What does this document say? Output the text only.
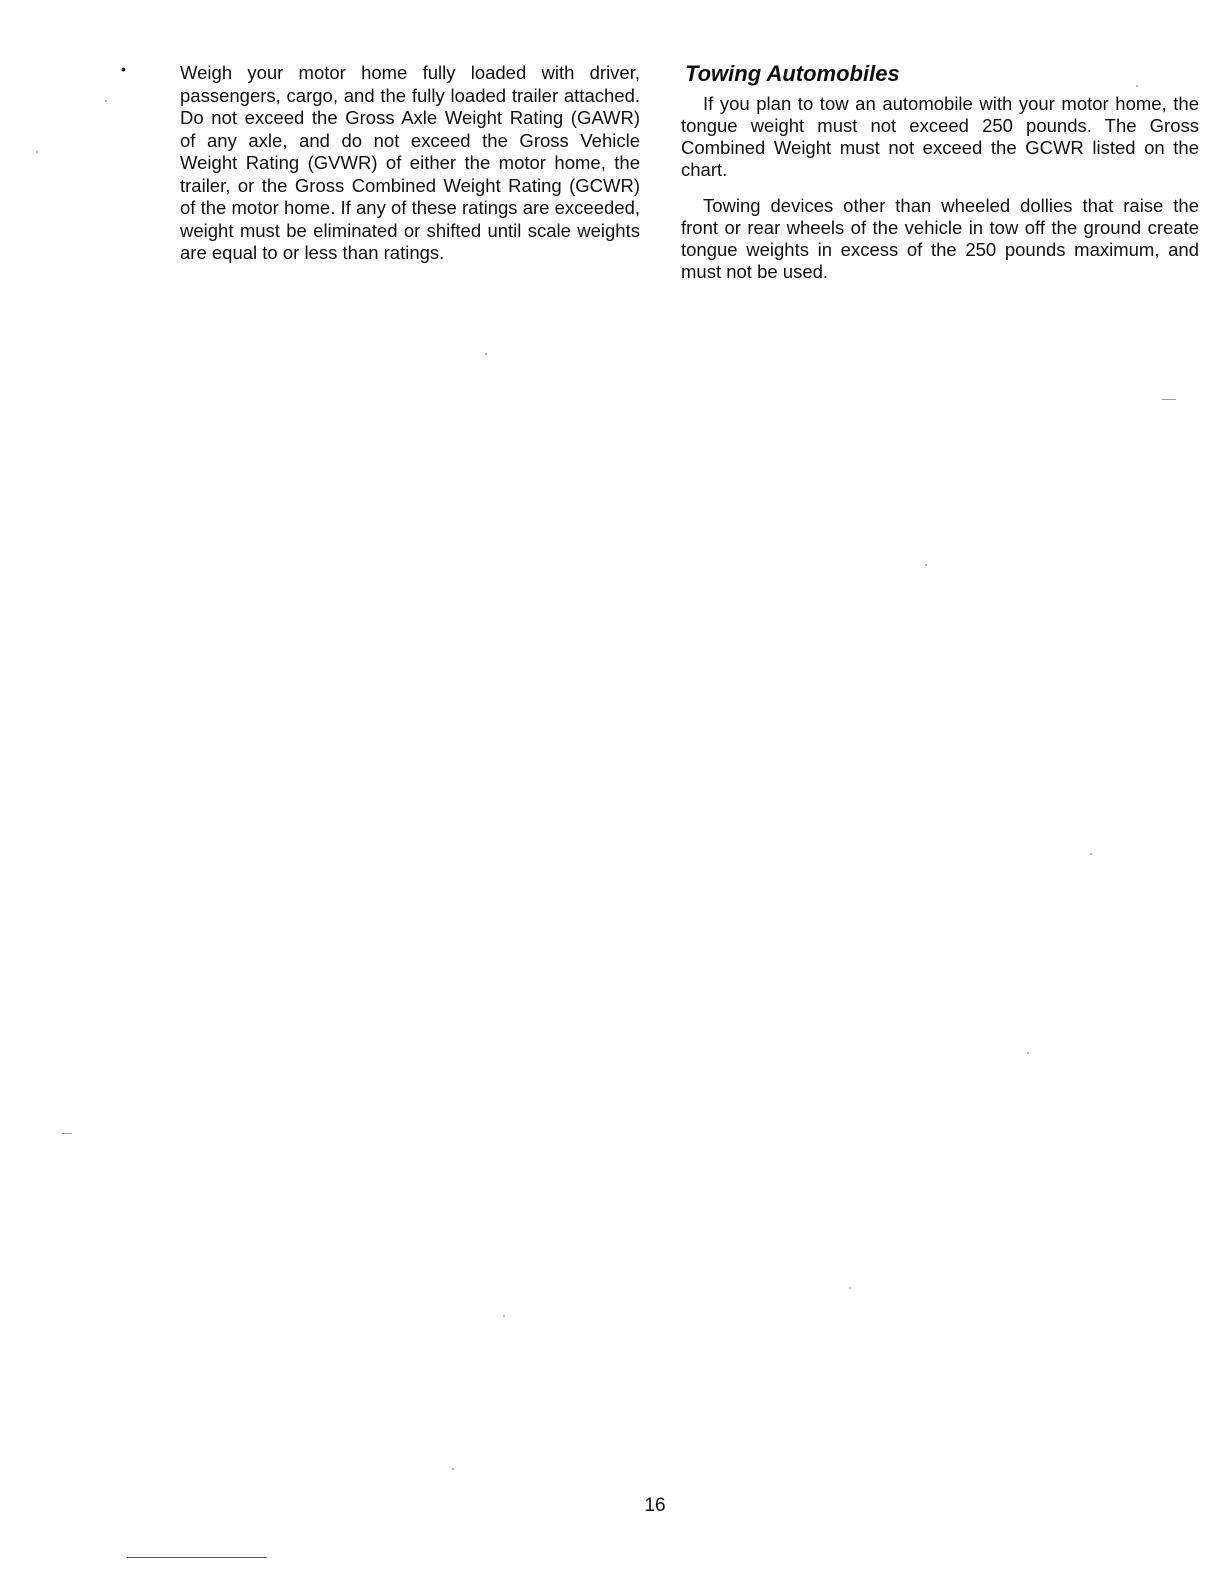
•	Weigh your motor home fully loaded with driver, passengers, cargo, and the fully loaded trailer attached. Do not exceed the Gross Axle Weight Rating (GAWR) of any axle, and do not exceed the Gross Vehicle Weight Rating (GVWR) of either the motor home, the trailer, or the Gross Combined Weight Rating (GCWR) of the motor home. If any of these ratings are exceeded, weight must be eliminated or shifted until scale weights are equal to or less than ratings.
Towing Automobiles

If you plan to tow an automobile with your motor home, the tongue weight must not exceed 250 pounds. The Gross Combined Weight must not exceed the GCWR listed on the chart.

Towing devices other than wheeled dollies that raise the front or rear wheels of the vehicle in tow off the ground create tongue weights in excess of the 250 pounds maximum, and must not be used.

16
